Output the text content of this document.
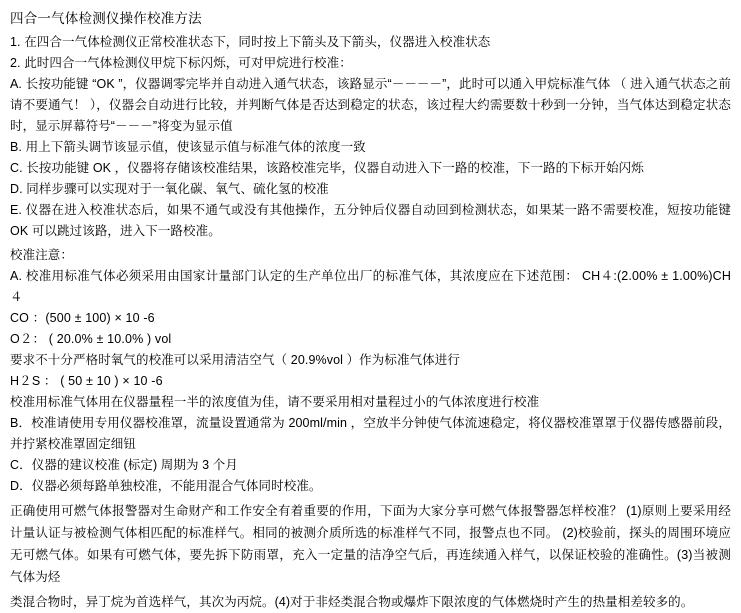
四合一气体检测仪操作校准方法

1. 在四合一气体检测仪正常校准状态下，同时按上下箭头及下箭头，仪器进入校准状态

2. 此时四合一气体检测仪甲烷下标闪烁，可对甲烷进行校准：

A. 长按功能键 “OK ”，仪器调零完毕并自动进入通气状态，该路显示“－－－－”，此时可以通入甲烷标准气体 （ 进入通气状态之前请不要通气！ ），仪器会自动进行比较，并判断气体是否达到稳定的状态，该过程大约需要数十秒到一分钟，当气体达到稳定状态时，显示屏幕符号“－－－”将变为显示值

B. 用上下箭头调节该显示值，使该显示值与标准气体的浓度一致

C. 长按功能键 OK ，仪器将存储该校准结果，该路校准完毕，仪器自动进入下一路的校准，下一路的下标开始闪烁

D. 同样步骤可以实现对于一氧化碳、氧气、硫化氢的校准

E. 仪器在进入校准状态后，如果不通气或没有其他操作，五分钟后仪器自动回到检测状态，如果某一路不需要校准，短按功能键 OK 可以跳过该路，进入下一路校准。

校准注意：

A. 校准用标准气体必须采用由国家计量部门认定的生产单位出厂的标准气体，其浓度应在下述范围： CH４:(2.00% ± 1.00%)CH４

CO ：(500 ± 100) × 10 -6

O２： ( 20.0% ± 10.0% ) vol

要求不十分严格时氧气的校准可以采用清洁空气（ 20.9%vol ）作为标准气体进行

H２S ： ( 50 ± 10 ) × 10 -6

校准用标准气体用在仪器量程一半的浓度值为佳，请不要采用相对量程过小的气体浓度进行校准

B．校准请使用专用仪器校准罩，流量设置通常为 200ml/min ，空放半分钟使气体流速稳定，将仪器校准罩罩于仪器传感器前段，并拧紧校准罩固定细钮

C．仪器的建议校准 (标定) 周期为 3 个月

D．仪器必须每路单独校准，不能用混合气体同时校准。

正确使用可燃气体报警器对生命财产和工作安全有着重要的作用，下面为大家分享可燃气体报警器怎样校准？ (1)原则上要采用经计量认证与被检测气体相匹配的标准样气。相同的被测介质所选的标准样气不同，报警点也不同。 (2)校验前，探头的周围环境应无可燃气体。如果有可燃气体，要先拆下防雨罩，充入一定量的洁净空气后，再连续通入样气，以保证校验的准确性。(3)当被测气体为烃

类混合物时，异丁烷为首选样气，其次为丙烷。(4)对于非烃类混合物或爆炸下限浓度的气体燃烧时产生的热量相差较多的。
